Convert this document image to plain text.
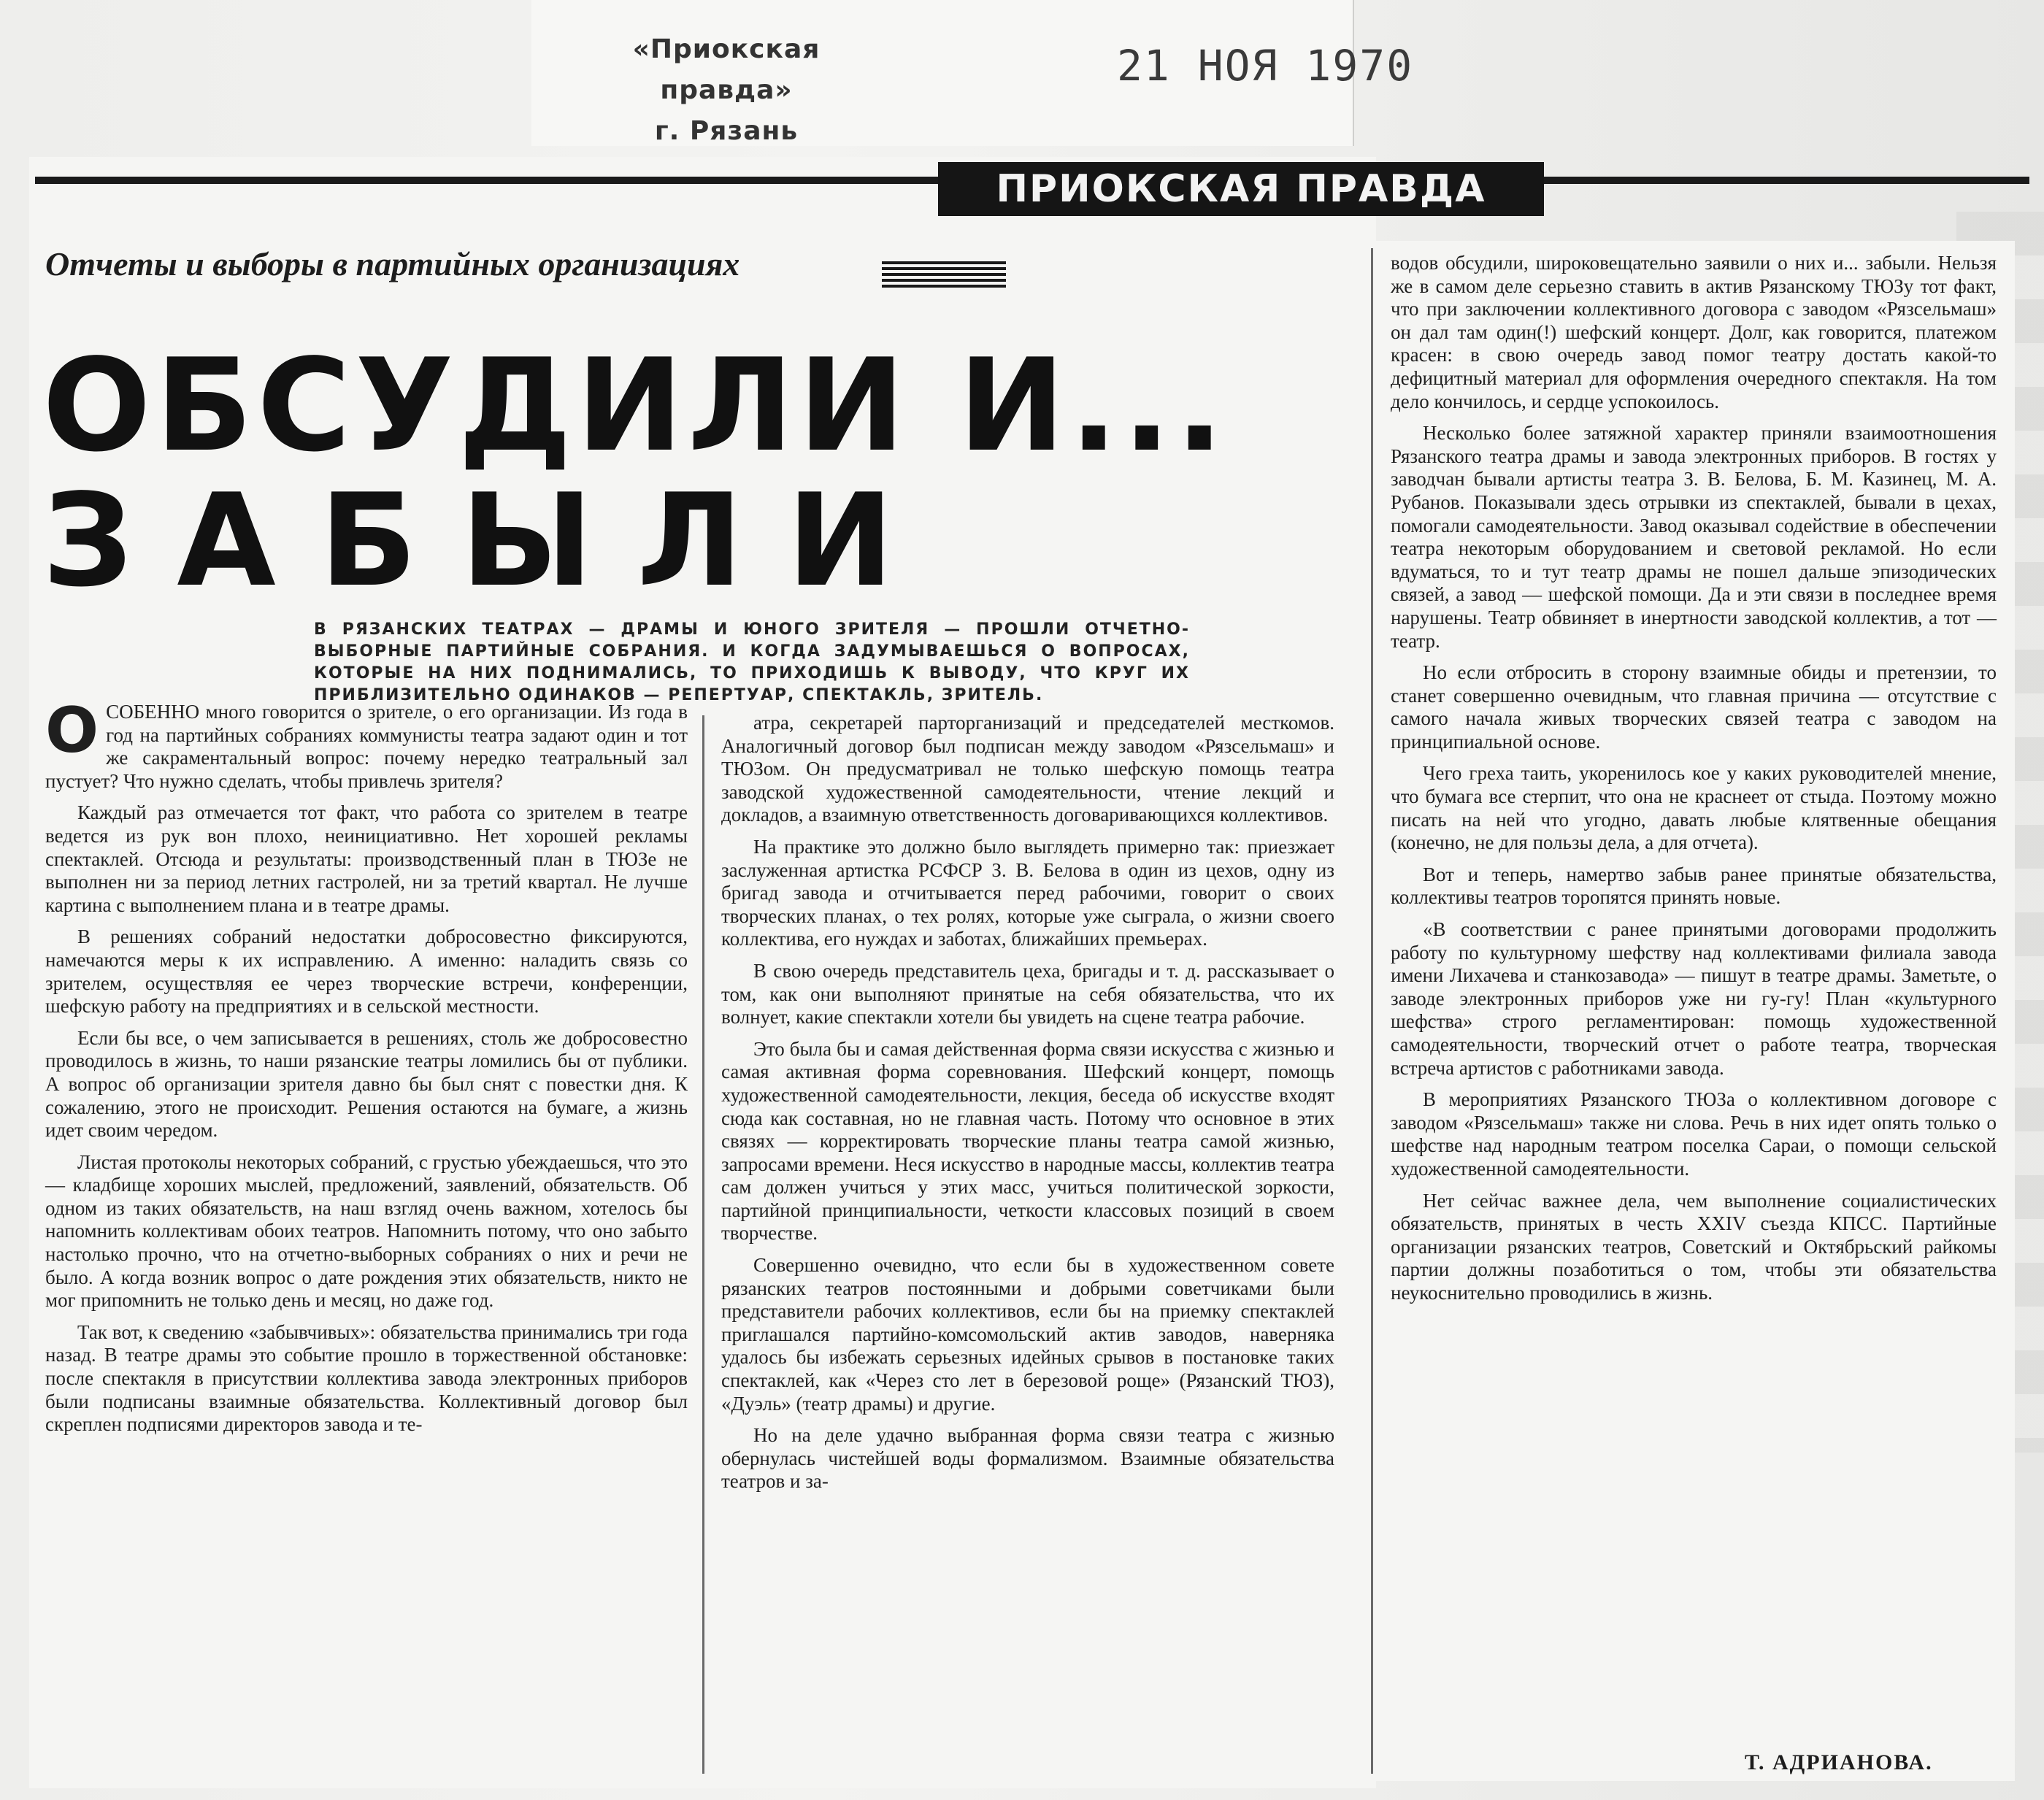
«Приокская правда»
г. Рязань
21 НОЯ 1970
ПРИОКСКАЯ ПРАВДА
Отчеты и выборы в партийных организациях
ОБСУДИЛИ И...
ЗАБЫЛИ
В РЯЗАНСКИХ ТЕАТРАХ — ДРАМЫ И ЮНОГО ЗРИТЕЛЯ — ПРОШЛИ ОТЧЕТНО-ВЫБОРНЫЕ ПАРТИЙНЫЕ СОБРАНИЯ. И КОГДА ЗАДУМЫВАЕШЬСЯ О ВОПРОСАХ, КОТОРЫЕ НА НИХ ПОДНИМАЛИСЬ, ТО ПРИХОДИШЬ К ВЫВОДУ, ЧТО КРУГ ИХ ПРИБЛИЗИТЕЛЬНО ОДИНАКОВ — РЕПЕРТУАР, СПЕКТАКЛЬ, ЗРИТЕЛЬ.

ОСОБЕННО много говорится о зрителе, о его организации. Из года в год на партийных собраниях коммунисты театра задают один и тот же сакраментальный вопрос: почему нередко театральный зал пустует? Что нужно сделать, чтобы привлечь зрителя?

Каждый раз отмечается тот факт, что работа со зрителем в театре ведется из рук вон плохо, неинициативно. Нет хорошей рекламы спектаклей. Отсюда и результаты: производственный план в ТЮЗе не выполнен ни за период летних гастролей, ни за третий квартал. Не лучше картина с выполнением плана и в театре драмы.

В решениях собраний недостатки добросовестно фиксируются, намечаются меры к их исправлению. А именно: наладить связь со зрителем, осуществляя ее через творческие встречи, конференции, шефскую работу на предприятиях и в сельской местности.

Если бы все, о чем записывается в решениях, столь же добросовестно проводилось в жизнь, то наши рязанские театры ломились бы от публики. А вопрос об организации зрителя давно бы был снят с повестки дня. К сожалению, этого не происходит. Решения остаются на бумаге, а жизнь идет своим чередом.

Листая протоколы некоторых собраний, с грустью убеждаешься, что это — кладбище хороших мыслей, предложений, заявлений, обязательств. Об одном из таких обязательств, на наш взгляд очень важном, хотелось бы напомнить коллективам обоих театров. Напомнить потому, что оно забыто настолько прочно, что на отчетно-выборных собраниях о них и речи не было. А когда возник вопрос о дате рождения этих обязательств, никто не мог припомнить не только день и месяц, но даже год.

Так вот, к сведению «забывчивых»: обязательства принимались три года назад. В театре драмы это событие прошло в торжественной обстановке: после спектакля в присутствии коллектива завода электронных приборов были подписаны взаимные обязательства. Коллективный договор был скреплен подписями директоров завода и те-

атра, секретарей парторганизаций и председателей месткомов. Аналогичный договор был подписан между заводом «Рязсельмаш» и ТЮЗом. Он предусматривал не только шефскую помощь театра заводской художественной самодеятельности, чтение лекций и докладов, а взаимную ответственность договаривающихся коллективов.

На практике это должно было выглядеть примерно так: приезжает заслуженная артистка РСФСР З. В. Белова в один из цехов, одну из бригад завода и отчитывается перед рабочими, говорит о своих творческих планах, о тех ролях, которые уже сыграла, о жизни своего коллектива, его нуждах и заботах, ближайших премьерах.

В свою очередь представитель цеха, бригады и т. д. рассказывает о том, как они выполняют принятые на себя обязательства, что их волнует, какие спектакли хотели бы увидеть на сцене театра рабочие.

Это была бы и самая действенная форма связи искусства с жизнью и самая активная форма соревнования. Шефский концерт, помощь художественной самодеятельности, лекция, беседа об искусстве входят сюда как составная, но не главная часть. Потому что основное в этих связях — корректировать творческие планы театра самой жизнью, запросами времени. Неся искусство в народные массы, коллектив театра сам должен учиться у этих масс, учиться политической зоркости, партийной принципиальности, четкости классовых позиций в своем творчестве.

Совершенно очевидно, что если бы в художественном совете рязанских театров постоянными и добрыми советчиками были представители рабочих коллективов, если бы на приемку спектаклей приглашался партийно-комсомольский актив заводов, наверняка удалось бы избежать серьезных идейных срывов в постановке таких спектаклей, как «Через сто лет в березовой роще» (Рязанский ТЮЗ), «Дуэль» (театр драмы) и другие.

Но на деле удачно выбранная форма связи театра с жизнью обернулась чистейшей воды формализмом. Взаимные обязательства театров и за-

водов обсудили, широковещательно заявили о них и... забыли. Нельзя же в самом деле серьезно ставить в актив Рязанскому ТЮЗу тот факт, что при заключении коллективного договора с заводом «Рязсельмаш» он дал там один(!) шефский концерт. Долг, как говорится, платежом красен: в свою очередь завод помог театру достать какой-то дефицитный материал для оформления очередного спектакля. На том дело кончилось, и сердце успокоилось.

Несколько более затяжной характер приняли взаимоотношения Рязанского театра драмы и завода электронных приборов. В гостях у заводчан бывали артисты театра З. В. Белова, Б. М. Казинец, М. А. Рубанов. Показывали здесь отрывки из спектаклей, бывали в цехах, помогали самодеятельности. Завод оказывал содействие в обеспечении театра некоторым оборудованием и световой рекламой. Но если вдуматься, то и тут театр драмы не пошел дальше эпизодических связей, а завод — шефской помощи. Да и эти связи в последнее время нарушены. Театр обвиняет в инертности заводской коллектив, а тот — театр.

Но если отбросить в сторону взаимные обиды и претензии, то станет совершенно очевидным, что главная причина — отсутствие с самого начала живых творческих связей театра с заводом на принципиальной основе.

Чего греха таить, укоренилось кое у каких руководителей мнение, что бумага все стерпит, что она не краснеет от стыда. Поэтому можно писать на ней что угодно, давать любые клятвенные обещания (конечно, не для пользы дела, а для отчета).

Вот и теперь, намертво забыв ранее принятые обязательства, коллективы театров торопятся принять новые.

«В соответствии с ранее принятыми договорами продолжить работу по культурному шефству над коллективами филиала завода имени Лихачева и станкозавода» — пишут в театре драмы. Заметьте, о заводе электронных приборов уже ни гу-гу! План «культурного шефства» строго регламентирован: помощь художественной самодеятельности, творческий отчет о работе театра, творческая встреча артистов с работниками завода.

В мероприятиях Рязанского ТЮЗа о коллективном договоре с заводом «Рязсельмаш» также ни слова. Речь в них идет опять только о шефстве над народным театром поселка Сараи, о помощи сельской художественной самодеятельности.

Нет сейчас важнее дела, чем выполнение социалистических обязательств, принятых в честь XXIV съезда КПСС. Партийные организации рязанских театров, Советский и Октябрьский райкомы партии должны позаботиться о том, чтобы эти обязательства неукоснительно проводились в жизнь.

Т. АДРИАНОВА.
